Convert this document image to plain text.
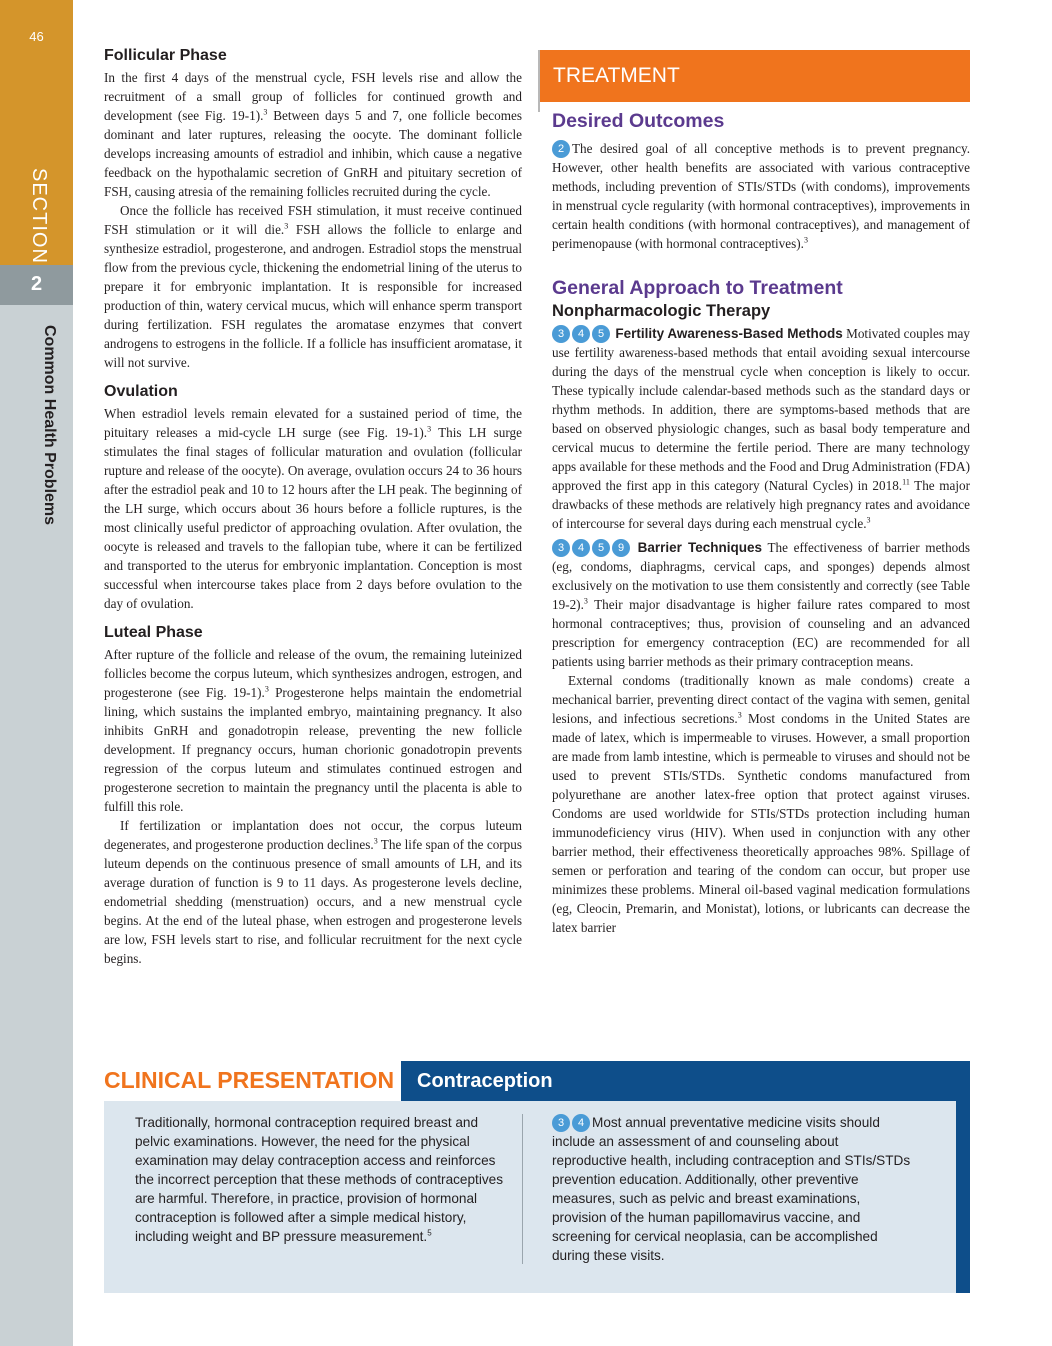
46
SECTION
2
Common Health Problems
Follicular Phase

In the first 4 days of the menstrual cycle, FSH levels rise and allow the recruitment of a small group of follicles for continued growth and development (see Fig. 19-1).$^3$ Between days 5 and 7, one follicle becomes dominant and later ruptures, releasing the oocyte. The dominant follicle develops increasing amounts of estradiol and inhibin, which cause a negative feedback on the hypothalamic secretion of GnRH and pituitary secretion of FSH, causing atresia of the remaining follicles recruited during the cycle.

Once the follicle has received FSH stimulation, it must receive continued FSH stimulation or it will die.$^3$ FSH allows the follicle to enlarge and synthesize estradiol, progesterone, and androgen. Estradiol stops the menstrual flow from the previous cycle, thickening the endometrial lining of the uterus to prepare it for embryonic implantation. It is responsible for increased production of thin, watery cervical mucus, which will enhance sperm transport during fertilization. FSH regulates the aromatase enzymes that convert androgens to estrogens in the follicle. If a follicle has insufficient aromatase, it will not survive.

Ovulation

When estradiol levels remain elevated for a sustained period of time, the pituitary releases a mid-cycle LH surge (see Fig. 19-1).$^3$ This LH surge stimulates the final stages of follicular maturation and ovulation (follicular rupture and release of the oocyte). On average, ovulation occurs 24 to 36 hours after the estradiol peak and 10 to 12 hours after the LH peak. The beginning of the LH surge, which occurs about 36 hours before a follicle ruptures, is the most clinically useful predictor of approaching ovulation. After ovulation, the oocyte is released and travels to the fallopian tube, where it can be fertilized and transported to the uterus for embryonic implantation. Conception is most successful when intercourse takes place from 2 days before ovulation to the day of ovulation.

Luteal Phase

After rupture of the follicle and release of the ovum, the remaining luteinized follicles become the corpus luteum, which synthesizes androgen, estrogen, and progesterone (see Fig. 19-1).$^3$ Progesterone helps maintain the endometrial lining, which sustains the implanted embryo, maintaining pregnancy. It also inhibits GnRH and gonadotropin release, preventing the new follicle development. If pregnancy occurs, human chorionic gonadotropin prevents regression of the corpus luteum and stimulates continued estrogen and progesterone secretion to maintain the pregnancy until the placenta is able to fulfill this role.

If fertilization or implantation does not occur, the corpus luteum degenerates, and progesterone production declines.$^3$ The life span of the corpus luteum depends on the continuous presence of small amounts of LH, and its average duration of function is 9 to 11 days. As progesterone levels decline, endometrial shedding (menstruation) occurs, and a new menstrual cycle begins. At the end of the luteal phase, when estrogen and progesterone levels are low, FSH levels start to rise, and follicular recruitment for the next cycle begins.

TREATMENT
Desired Outcomes

2 The desired goal of all conceptive methods is to prevent pregnancy. However, other health benefits are associated with various contraceptive methods, including prevention of STIs/STDs (with condoms), improvements in menstrual cycle regularity (with hormonal contraceptives), improvements in certain health conditions (with hormonal contraceptives), and management of perimenopause (with hormonal contraceptives).$^3$

General Approach to Treatment
Nonpharmacologic Therapy

3 4 5 Fertility Awareness-Based Methods Motivated couples may use fertility awareness-based methods that entail avoiding sexual intercourse during the days of the menstrual cycle when conception is likely to occur. These typically include calendar-based methods such as the standard days or rhythm methods. In addition, there are symptoms-based methods that are based on observed physiologic changes, such as basal body temperature and cervical mucus to determine the fertile period. There are many technology apps available for these methods and the Food and Drug Administration (FDA) approved the first app in this category (Natural Cycles) in 2018.11 The major drawbacks of these methods are relatively high pregnancy rates and avoidance of intercourse for several days during each menstrual cycle.$^3$

3 4 5 9 Barrier Techniques The effectiveness of barrier methods (eg, condoms, diaphragms, cervical caps, and sponges) depends almost exclusively on the motivation to use them consistently and correctly (see Table 19-2).$^3$ Their major disadvantage is higher failure rates compared to most hormonal contraceptives; thus, provision of counseling and an advanced prescription for emergency contraception (EC) are recommended for all patients using barrier methods as their primary contraception means.

External condoms (traditionally known as male condoms) create a mechanical barrier, preventing direct contact of the vagina with semen, genital lesions, and infectious secretions.$^3$ Most condoms in the United States are made of latex, which is impermeable to viruses. However, a small proportion are made from lamb intestine, which is permeable to viruses and should not be used to prevent STIs/STDs. Synthetic condoms manufactured from polyurethane are another latex-free option that protect against viruses. Condoms are used worldwide for STIs/STDs protection including human immunodeficiency virus (HIV). When used in conjunction with any other barrier method, their effectiveness theoretically approaches 98%. Spillage of semen or perforation and tearing of the condom can occur, but proper use minimizes these problems. Mineral oil-based vaginal medication formulations (eg, Cleocin, Premarin, and Monistat), lotions, or lubricants can decrease the latex barrier

CLINICAL PRESENTATION	Contraception
Traditionally, hormonal contraception required breast and pelvic examinations. However, the need for the physical examination may delay contraception access and reinforces the incorrect perception that these methods of contraceptives are harmful. Therefore, in practice, provision of hormonal contraception is followed after a simple medical history, including weight and BP pressure measurement.$^5$
3 4 Most annual preventative medicine visits should include an assessment of and counseling about reproductive health, including contraception and STIs/STDs prevention education. Additionally, other preventive measures, such as pelvic and breast examinations, provision of the human papillomavirus vaccine, and screening for cervical neoplasia, can be accomplished during these visits.
